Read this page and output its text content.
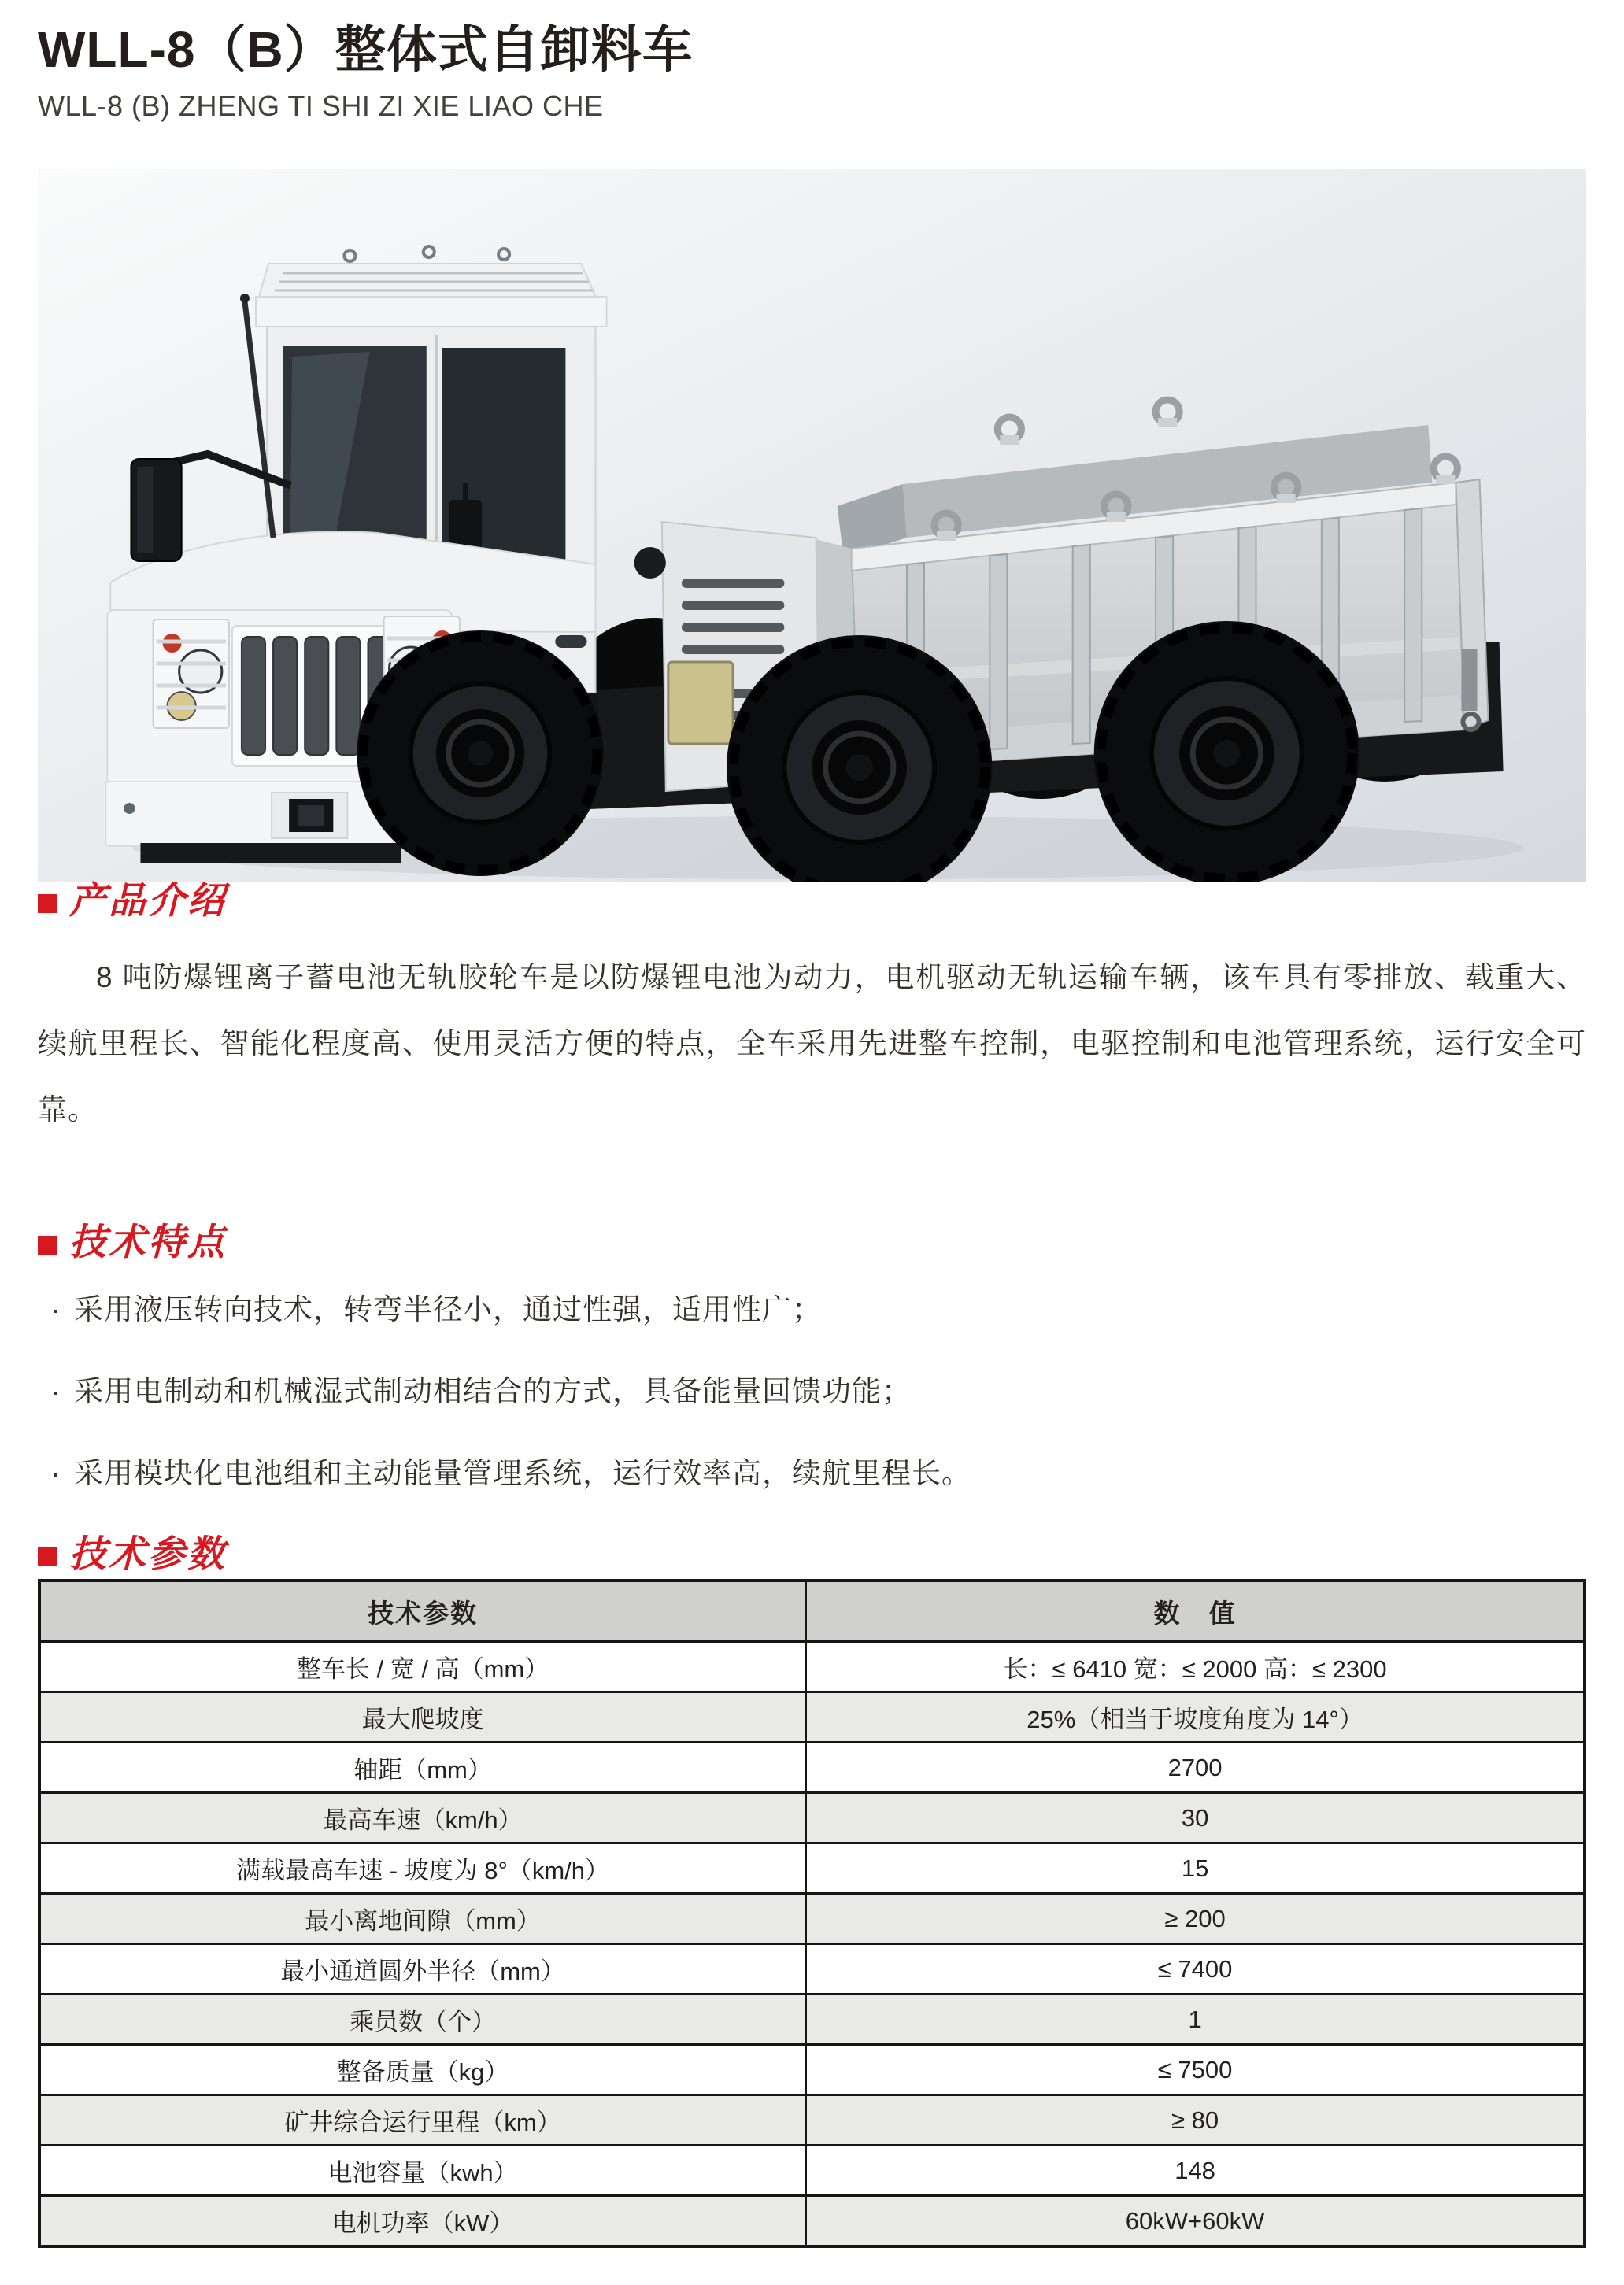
WLL-8（B）整体式自卸料车
WLL-8 (B) ZHENG TI SHI ZI XIE LIAO CHE
产品介绍

8 吨防爆锂离子蓄电池无轨胶轮车是以防爆锂电池为动力，电机驱动无轨运输车辆，该车具有零排放、载重大、续航里程长、智能化程度高、使用灵活方便的特点，全车采用先进整车控制，电驱控制和电池管理系统，运行安全可靠。

技术特点
· 采用液压转向技术，转弯半径小，通过性强，适用性广；
· 采用电制动和机械湿式制动相结合的方式，具备能量回馈功能；
· 采用模块化电池组和主动能量管理系统，运行效率高，续航里程长。
技术参数
技术参数	数　值
整车长 / 宽 / 高（mm）	长：≤ 6410 宽：≤ 2000 高：≤ 2300
最大爬坡度	25%（相当于坡度角度为 14°）
轴距（mm）	2700
最高车速（km/h）	30
满载最高车速 - 坡度为 8°（km/h）	15
最小离地间隙（mm）	≥ 200
最小通道圆外半径（mm）	≤ 7400
乘员数（个）	1
整备质量（kg）	≤ 7500
矿井综合运行里程（km）	≥ 80
电池容量（kwh）	148
电机功率（kW）	60kW+60kW
